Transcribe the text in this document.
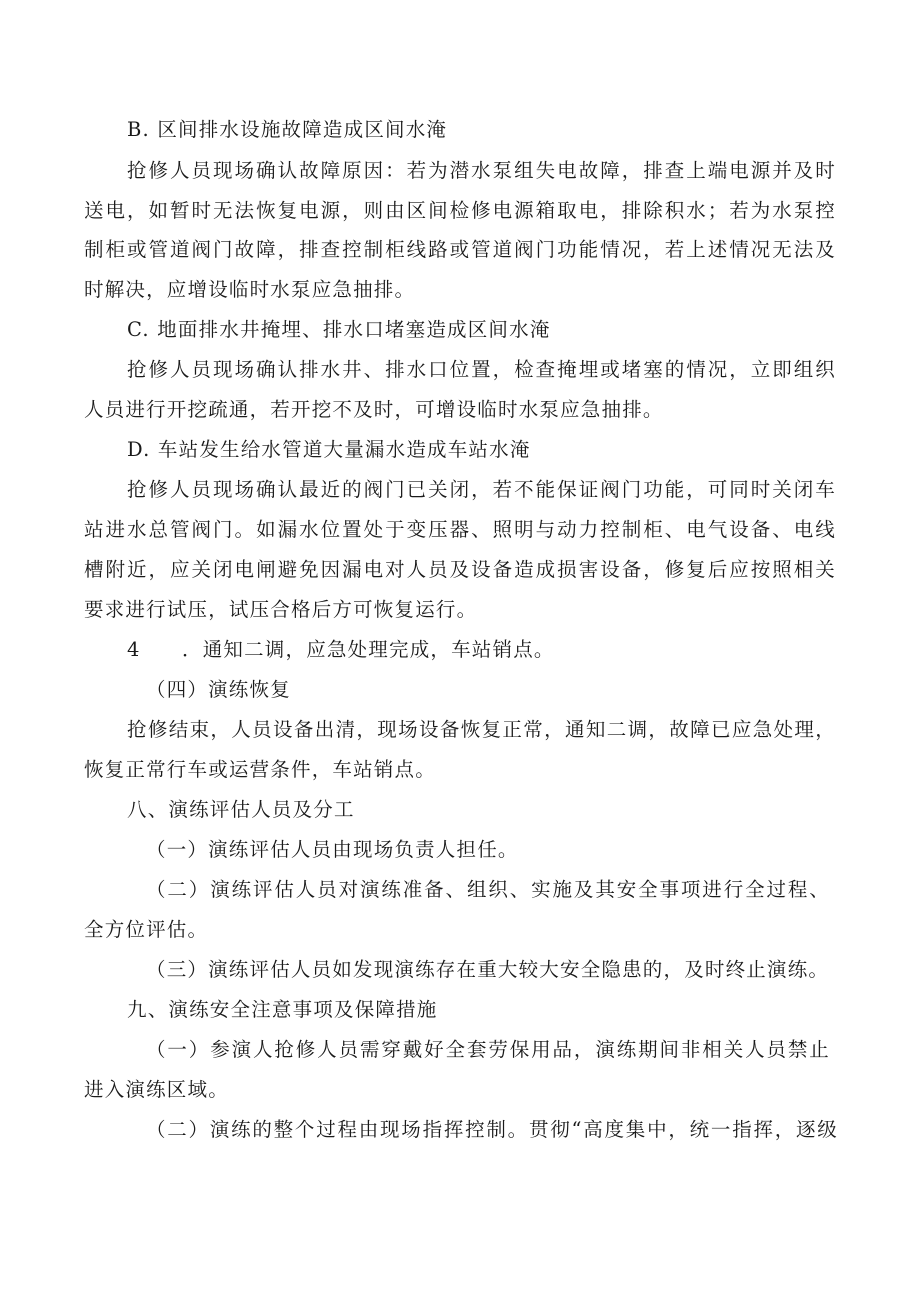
B. 区间排水设施故障造成区间水淹
抢修人员现场确认故障原因：若为潜水泵组失电故障，排查上端电源并及时
送电，如暂时无法恢复电源，则由区间检修电源箱取电，排除积水；若为水泵控
制柜或管道阀门故障，排查控制柜线路或管道阀门功能情况，若上述情况无法及
时解决，应增设临时水泵应急抽排。
C. 地面排水井掩埋、排水口堵塞造成区间水淹
抢修人员现场确认排水井、排水口位置，检查掩埋或堵塞的情况，立即组织
人员进行开挖疏通，若开挖不及时，可增设临时水泵应急抽排。
D. 车站发生给水管道大量漏水造成车站水淹
抢修人员现场确认最近的阀门已关闭，若不能保证阀门功能，可同时关闭车
站进水总管阀门。如漏水位置处于变压器、照明与动力控制柜、电气设备、电线
槽附近，应关闭电闸避免因漏电对人员及设备造成损害设备，修复后应按照相关
要求进行试压，试压合格后方可恢复运行。
4　　．通知二调，应急处理完成，车站销点。
（四）演练恢复
抢修结束，人员设备出清，现场设备恢复正常，通知二调，故障已应急处理，
恢复正常行车或运营条件，车站销点。
八、演练评估人员及分工
（一）演练评估人员由现场负责人担任。
（二）演练评估人员对演练准备、组织、实施及其安全事项进行全过程、
全方位评估。
（三）演练评估人员如发现演练存在重大较大安全隐患的，及时终止演练。
九、演练安全注意事项及保障措施
（一）参演人抢修人员需穿戴好全套劳保用品，演练期间非相关人员禁止
进入演练区域。
（二）演练的整个过程由现场指挥控制。贯彻“高度集中，统一指挥，逐级
